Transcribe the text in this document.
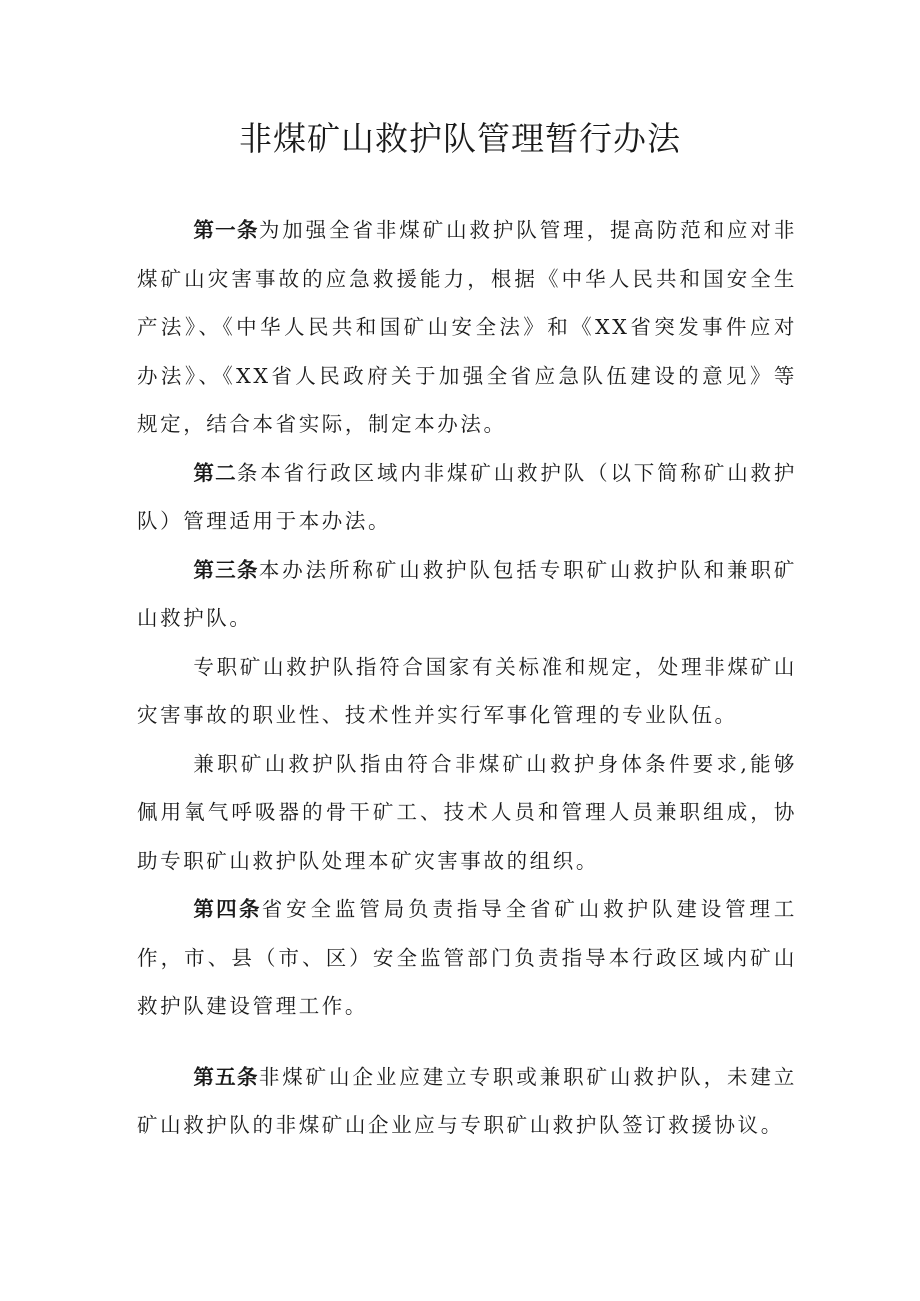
非煤矿山救护队管理暂行办法

第一条为加强全省非煤矿山救护队管理，提高防范和应对非煤矿山灾害事故的应急救援能力，根据《中华人民共和国安全生产法》、《中华人民共和国矿山安全法》和《XX省突发事件应对办法》、《XX省人民政府关于加强全省应急队伍建设的意见》等规定，结合本省实际，制定本办法。

第二条本省行政区域内非煤矿山救护队（以下简称矿山救护队）管理适用于本办法。

第三条本办法所称矿山救护队包括专职矿山救护队和兼职矿山救护队。

专职矿山救护队指符合国家有关标准和规定，处理非煤矿山灾害事故的职业性、技术性并实行军事化管理的专业队伍。

兼职矿山救护队指由符合非煤矿山救护身体条件要求,能够佩用氧气呼吸器的骨干矿工、技术人员和管理人员兼职组成，协助专职矿山救护队处理本矿灾害事故的组织。

第四条省安全监管局负责指导全省矿山救护队建设管理工作，市、县（市、区）安全监管部门负责指导本行政区域内矿山救护队建设管理工作。

第五条非煤矿山企业应建立专职或兼职矿山救护队，未建立矿山救护队的非煤矿山企业应与专职矿山救护队签订救援协议。
